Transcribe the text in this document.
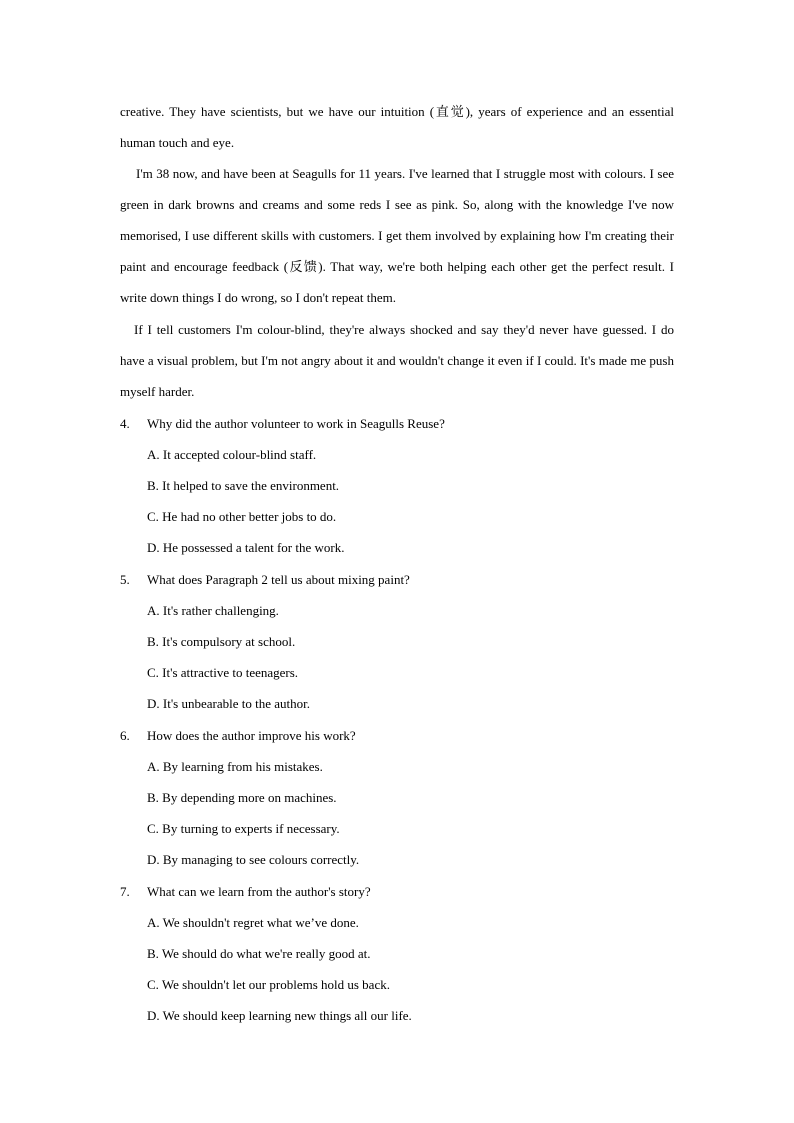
creative. They have scientists, but we have our intuition (直觉), years of experience and an essential human touch and eye.

I'm 38 now, and have been at Seagulls for 11 years. I've learned that I struggle most with colours. I see green in dark browns and creams and some reds I see as pink. So, along with the knowledge I've now memorised, I use different skills with customers. I get them involved by explaining how I'm creating their paint and encourage feedback (反馈). That way, we're both helping each other get the perfect result. I write down things I do wrong, so I don't repeat them.

If I tell customers I'm colour-blind, they're always shocked and say they'd never have guessed. I do have a visual problem, but I'm not angry about it and wouldn't change it even if I could. It's made me push myself harder.

4. Why did the author volunteer to work in Seagulls Reuse?
A. It accepted colour-blind staff.
B. It helped to save the environment.
C. He had no other better jobs to do.
D. He possessed a talent for the work.
5. What does Paragraph 2 tell us about mixing paint?
A. It's rather challenging.
B. It's compulsory at school.
C. It's attractive to teenagers.
D. It's unbearable to the author.
6. How does the author improve his work?
A. By learning from his mistakes.
B. By depending more on machines.
C. By turning to experts if necessary.
D. By managing to see colours correctly.
7. What can we learn from the author's story?
A. We shouldn't regret what we’ve done.
B. We should do what we're really good at.
C. We shouldn't let our problems hold us back.
D. We should keep learning new things all our life.
